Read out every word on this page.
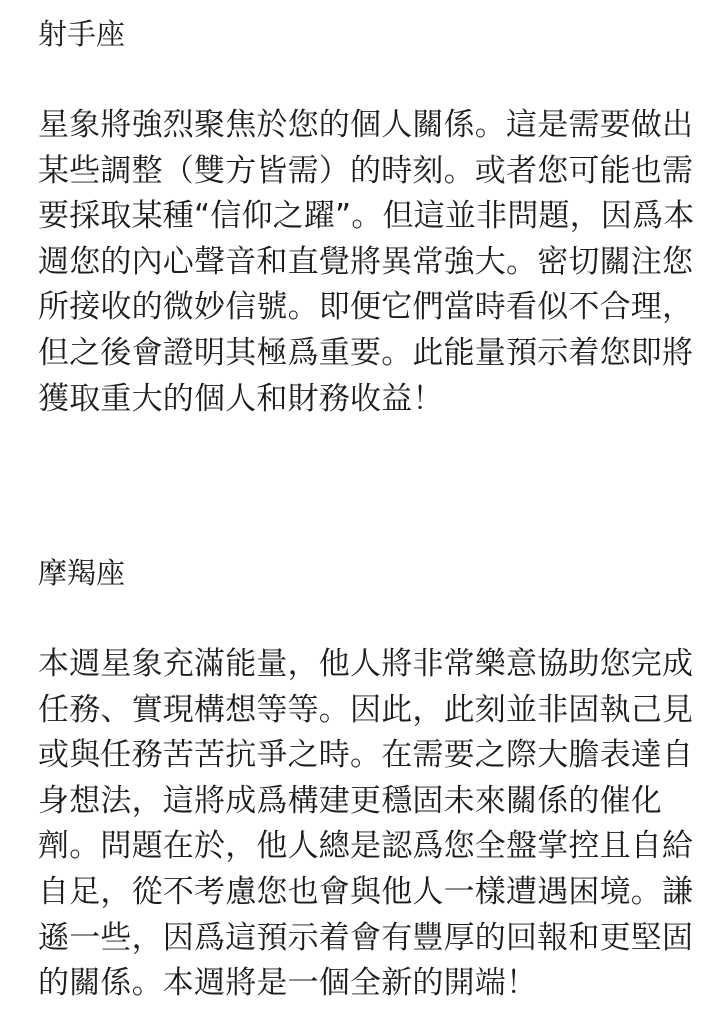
射手座
星象將強烈聚焦於您的個人關係。這是需要做出
某些調整（雙方皆需）的時刻。或者您可能也需
要採取某種“信仰之躍”。但這並非問題，因爲本
週您的內心聲音和直覺將異常強大。密切關注您
所接收的微妙信號。即便它們當時看似不合理，
但之後會證明其極爲重要。此能量預示着您即將
獲取重大的個人和財務收益！
摩羯座
本週星象充滿能量，他人將非常樂意協助您完成
任務、實現構想等等。因此，此刻並非固執己見
或與任務苦苦抗爭之時。在需要之際大膽表達自
身想法，這將成爲構建更穩固未來關係的催化
劑。問題在於，他人總是認爲您全盤掌控且自給
自足，從不考慮您也會與他人一樣遭遇困境。謙
遜一些，因爲這預示着會有豐厚的回報和更堅固
的關係。本週將是一個全新的開端！
